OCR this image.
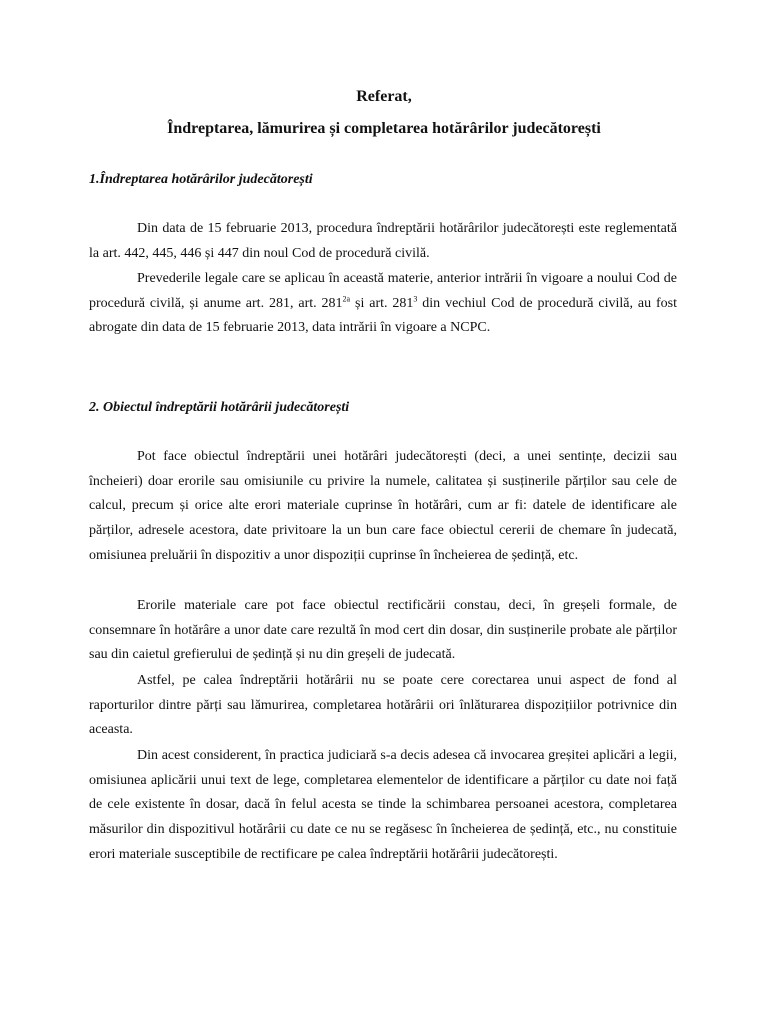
Referat,
Îndreptarea, lămurirea și completarea hotărârilor judecătorești
1.Îndreptarea hotărârilor judecătorești

Din data de 15 februarie 2013, procedura îndreptării hotărârilor judecătorești este reglementată la art. 442, 445, 446 și 447 din noul Cod de procedură civilă.

Prevederile legale care se aplicau în această materie, anterior intrării în vigoare a noului Cod de procedură civilă, și anume art. 281, art. $281^{2a}$ și art. $281^3$ din vechiul Cod de procedură civilă, au fost abrogate din data de 15 februarie 2013, data intrării în vigoare a NCPC.

2. Obiectul îndreptării hotărârii judecătorești

Pot face obiectul îndreptării unei hotărâri judecătorești (deci, a unei sentințe, decizii sau încheieri) doar erorile sau omisiunile cu privire la numele, calitatea și susținerile părților sau cele de calcul, precum și orice alte erori materiale cuprinse în hotărâri, cum ar fi: datele de identificare ale părților, adresele acestora, date privitoare la un bun care face obiectul cererii de chemare în judecată, omisiunea preluării în dispozitiv a unor dispoziții cuprinse în încheierea de ședință, etc.

Erorile materiale care pot face obiectul rectificării constau, deci, în greșeli formale, de consemnare în hotărâre a unor date care rezultă în mod cert din dosar, din susținerile probate ale părților sau din caietul grefierului de ședință și nu din greșeli de judecată.

Astfel, pe calea îndreptării hotărârii nu se poate cere corectarea unui aspect de fond al raporturilor dintre părți sau lămurirea, completarea hotărârii ori înlăturarea dispozițiilor potrivnice din aceasta.

Din acest considerent, în practica judiciară s-a decis adesea că invocarea greșitei aplicări a legii, omisiunea aplicării unui text de lege, completarea elementelor de identificare a părților cu date noi față de cele existente în dosar, dacă în felul acesta se tinde la schimbarea persoanei acestora, completarea măsurilor din dispozitivul hotărârii cu date ce nu se regăsesc în încheierea de ședință, etc., nu constituie erori materiale susceptibile de rectificare pe calea îndreptării hotărârii judecătorești.
